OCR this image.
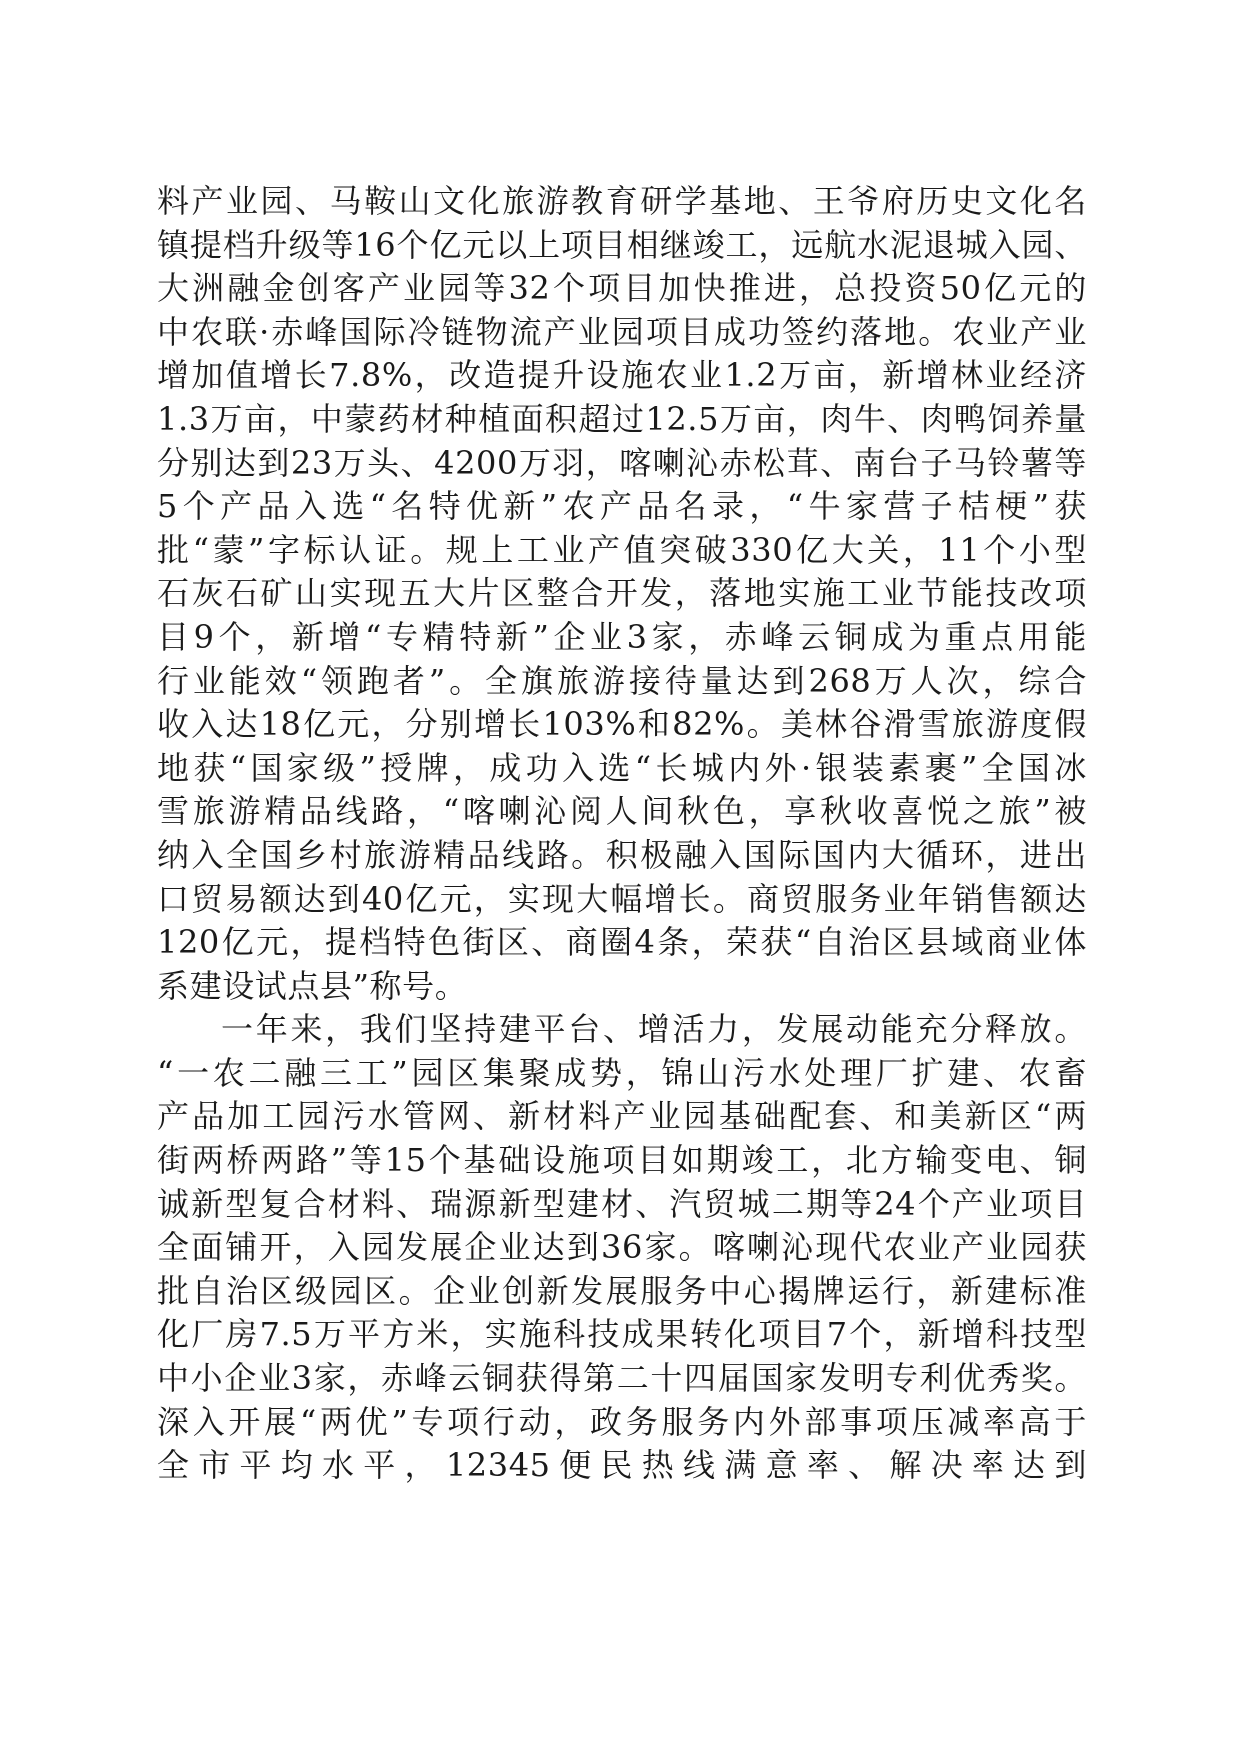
料产业园、马鞍山文化旅游教育研学基地、王爷府历史文化名
镇提档升级等16个亿元以上项目相继竣工，远航水泥退城入园、
大洲融金创客产业园等32个项目加快推进，总投资50亿元的
中农联·赤峰国际冷链物流产业园项目成功签约落地。农业产业
增加值增长7.8%，改造提升设施农业1.2万亩，新增林业经济
1.3万亩，中蒙药材种植面积超过12.5万亩，肉牛、肉鸭饲养量
分别达到23万头、4200万羽，喀喇沁赤松茸、南台子马铃薯等
5个产品入选“名特优新”农产品名录，“牛家营子桔梗”获
批“蒙”字标认证。规上工业产值突破330亿大关，11个小型
石灰石矿山实现五大片区整合开发，落地实施工业节能技改项
目9个，新增“专精特新”企业3家，赤峰云铜成为重点用能
行业能效“领跑者”。全旗旅游接待量达到268万人次，综合
收入达18亿元，分别增长103%和82%。美林谷滑雪旅游度假
地获“国家级”授牌，成功入选“长城内外·银装素裹”全国冰
雪旅游精品线路，“喀喇沁阅人间秋色，享秋收喜悦之旅”被
纳入全国乡村旅游精品线路。积极融入国际国内大循环，进出
口贸易额达到40亿元，实现大幅增长。商贸服务业年销售额达
120亿元，提档特色街区、商圈4条，荣获“自治区县域商业体
系建设试点县”称号。
一年来，我们坚持建平台、增活力，发展动能充分释放。
“一农二融三工”园区集聚成势，锦山污水处理厂扩建、农畜
产品加工园污水管网、新材料产业园基础配套、和美新区“两
街两桥两路”等15个基础设施项目如期竣工，北方输变电、铜
诚新型复合材料、瑞源新型建材、汽贸城二期等24个产业项目
全面铺开，入园发展企业达到36家。喀喇沁现代农业产业园获
批自治区级园区。企业创新发展服务中心揭牌运行，新建标准
化厂房7.5万平方米，实施科技成果转化项目7个，新增科技型
中小企业3家，赤峰云铜获得第二十四届国家发明专利优秀奖。
深入开展“两优”专项行动，政务服务内外部事项压减率高于
全市平均水平，12345便民热线满意率、解决率达到
